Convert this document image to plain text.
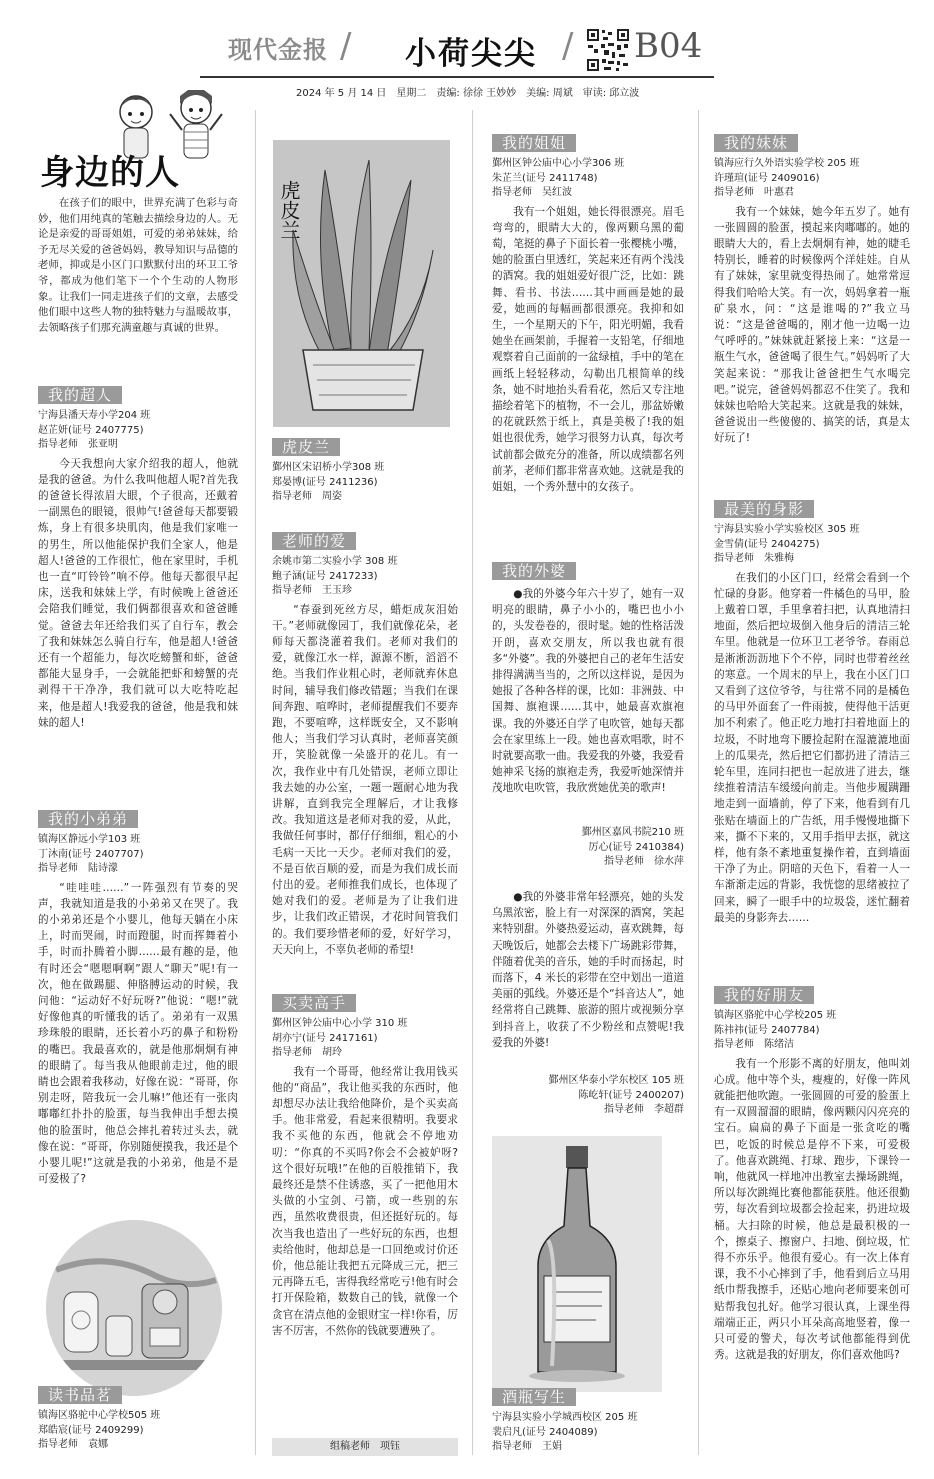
现代金报 / 小荷尖尖 / B04
2024 年 5 月 14 日　星期二　责编: 徐徐 王妙妙　美编: 周斌　审读: 邱立波
身边的人
在孩子们的眼中，世界充满了色彩与奇妙，他们用纯真的笔触去描绘身边的人。无论是亲爱的哥哥姐姐，可爱的弟弟妹妹，给予无尽关爱的爸爸妈妈，教导知识与品德的老师，抑或是小区门口默默付出的环卫工爷爷，都成为他们笔下一个个生动的人物形象。让我们一同走进孩子们的文章，去感受他们眼中这些人物的独特魅力与温暖故事，去领略孩子们那充满童趣与真诚的世界。
我的超人
宁海县潘天寿小学204 班
赵芷妍(证号 2407775)
指导老师　张亚明
今天我想向大家介绍我的超人，他就是我的爸爸。为什么我叫他超人呢?首先我的爸爸长得浓眉大眼，个子很高，还戴着一副黑色的眼镜，很帅气!爸爸每天都要锻炼，身上有很多块肌肉，他是我们家唯一的男生，所以他能保护我们全家人，他是超人!爸爸的工作很忙，他在家里时，手机也一直“叮铃铃”响不停。他每天都很早起床，送我和妹妹上学，有时候晚上爸爸还会陪我们睡觉，我们俩都很喜欢和爸爸睡觉。爸爸去年还给我们买了自行车，教会了我和妹妹怎么骑自行车，他是超人!爸爸还有一个超能力，每次吃螃蟹和虾，爸爸都能大显身手，一会就能把虾和螃蟹的壳剥得干干净净，我们就可以大吃特吃起来，他是超人!我爱我的爸爸，他是我和妹妹的超人!
我的小弟弟
镇海区静远小学103 班
丁沐南(证号 2407707)
指导老师　陆诗濛
“哇哇哇……”一阵强烈有节奏的哭声，我就知道是我的小弟弟又在哭了。我的小弟弟还是个小婴儿，他每天躺在小床上，时而哭闹，时而蹬腿，时而挥舞着小手，时而扑腾着小脚……最有趣的是，他有时还会“嗯嗯啊啊”跟人“聊天”呢!有一次，他在做踢腿、伸胳膊运动的时候，我问他：“运动好不好玩呀?”他说：“嗯!”就好像他真的听懂我的话了。弟弟有一双黑珍珠般的眼睛，还长着小巧的鼻子和粉粉的嘴巴。我最喜欢的，就是他那炯炯有神的眼睛了。每当我从他眼前走过，他的眼睛也会跟着我移动，好像在说：“哥哥，你别走呀，陪我玩一会儿嘛!”他还有一张肉嘟嘟红扑扑的脸蛋，每当我伸出手想去摸他的脸蛋时，他总会摔扎着转过头去，就像在说：“哥哥，你别随便摸我，我还是个小婴儿呢!”这就是我的小弟弟，他是不是可爱极了?
读书品茗
镇海区骆驼中心学校505 班
郑皓宸(证号 2409299)
指导老师　袁娜
虎皮兰
虎皮兰
鄞州区宋诏桥小学308 班
郑晏博(证号 2411236)
指导老师　周姿
老师的爱
余姚市第二实验小学 308 班
鲍子涵(证号 2417233)
指导老师　王玉珍
“春蚕到死丝方尽，蜡炬成灰泪始干。”老师就像园丁，我们就像花朵，老师每天都浇灌着我们。老师对我们的爱，就像江水一样，源源不断，滔滔不绝。当我们作业粗心时，老师就弃休息时间，辅导我们修改错题；当我们在课间奔跑、喧哗时，老师提醒我们不要奔跑，不要喧哗，这样既安全，又不影响他人；当我们学习认真时，老师喜笑颜开，笑脸就像一朵盛开的花儿。有一次，我作业中有几处错误，老师立即让我去她的办公室，一题一题耐心地为我讲解，直到我完全理解后，才让我修改。我知道这是老师对我的爱，从此，我做任何事时，都仔仔细细，粗心的小毛病一天比一天少。老师对我们的爱，不是百依百顺的爱，而是为我们成长而付出的爱。老师推我们成长，也体现了她对我们的爱。老师是为了让我们进步，让我们改正错误，才花时间管我们的。我们要珍惜老师的爱，好好学习，天天向上，不辜负老师的希望!
买卖高手
鄞州区钟公庙中心小学 310 班
胡亦宁(证号 2417161)
指导老师　胡玲
我有一个哥哥，他经常让我用钱买他的“商品”，我让他买我的东西时，他却想尽办法让我给他降价，是个买卖高手。他非常爱，看起来很精明。我要求我不买他的东西，他就会不停地劝叨：“你真的不买吗?你会不会被妒呀?这个很好玩哦!”在他的百般推销下，我最终还是禁不住诱惑，买了一把他用木头做的小宝剑、弓箭，或一些别的东西，虽然收费很贵，但还挺好玩的。每次当我也造出了一些好玩的东西，也想卖给他时，他却总是一口回绝或讨价还价，他总能让我把五元降成三元，把三元再降五毛，害得我经常吃亏!他有时会打开保险箱，数数自己的钱，就像一个贪官在清点他的金银财宝一样!你看，厉害不厉害，不然你的钱就要遭殃了。
组稿老师　项钰
我的姐姐
鄞州区钟公庙中心小学306 班
朱芷兰(证号 2411748)
指导老师　吴红波
我有一个姐姐，她长得很漂亮。眉毛弯弯的，眼睛大大的，像两颗乌黑的葡萄，笔挺的鼻子下面长着一张樱桃小嘴，她的脸蛋白里透红，笑起来还有两个浅浅的酒窝。我的姐姐爱好很广泛，比如：跳舞、看书、书法……其中画画是她的最爱，她画的每幅画都很漂亮。我抑和如生，一个星期天的下午，阳光明媚，我看她坐在画架前，手握着一支铅笔，仔细地观察着自己面前的一盆绿植，手中的笔在画纸上轻轻移动，勾勒出几根简单的线条，她不时地抬头看看花，然后又专注地描绘着笔下的植物，不一会儿，那盆娇嫩的花就跃然于纸上，真是美极了!我的姐姐也很优秀，她学习很努力认真，每次考试前都会做充分的准备，所以成绩都名列前茅，老师们都非常喜欢她。这就是我的姐姐，一个秀外慧中的女孩子。
我的外婆
●我的外婆今年六十岁了，她有一双明亮的眼睛，鼻子小小的，嘴巴也小小的，头发卷卷的，很时髦。她的性格活泼开朗，喜欢交朋友，所以我也就有很多“外婆”。我的外婆把自己的老年生活安排得满满当当的，之所以这样说，是因为她报了各种各样的课，比如：非洲鼓、中国舞、旗袍课……其中，她最喜欢旗袍课。我的外婆还自学了电吹管，她每天都会在家里练上一段。她也喜欢唱歌，时不时就要高歌一曲。我爱我的外婆，我爱看她神采飞扬的旗袍走秀，我爱听她深情并茂地吹电吹管，我欣赏她优美的歌声!
鄞州区嘉风书院210 班
厉心(证号 2410384)
指导老师　徐水萍
●我的外婆非常年轻漂亮，她的头发乌黑浓密，脸上有一对深深的酒窝，笑起来特别甜。外婆热爱运动，喜欢跳舞，每天晚饭后，她都会去楼下广场跳彩带舞，伴随着优美的音乐，她的手时而扬起，时而落下，4 米长的彩带在空中划出一道道美丽的弧线。外婆还是个“抖音达人”，她经常将自己跳舞、旅游的照片或视频分享到抖音上，收获了不少粉丝和点赞呢!我爱我的外婆!
鄞州区华泰小学东校区 105 班
陈屹轩(证号 2400207)
指导老师　李超群
酒瓶写生
宁海县实验小学城西校区 205 班
裴启凡(证号 2404089)
指导老师　王娟
我的妹妹
镇海应行久外语实验学校 205 班
许瑾瑄(证号 2409016)
指导老师　叶惠君
我有一个妹妹，她今年五岁了。她有一张圆圆的脸蛋，摸起来肉嘟嘟的。她的眼睛大大的，看上去炯炯有神，她的睫毛特别长，睡着的时候像两个洋娃娃。自从有了妹妹，家里就变得热闹了。她常常逗得我们哈哈大笑。有一次，妈妈拿着一瓶矿泉水，问：“这是谁喝的?”我立马说：“这是爸爸喝的，刚才他一边喝一边气呼呼的。”妹妹就赶紧接上来：“这是一瓶生气水，爸爸喝了很生气。”妈妈听了大笑起来说：“那我让爸爸把生气水喝完吧。”说完，爸爸妈妈都忍不住笑了。我和妹妹也哈哈大笑起来。这就是我的妹妹，爸爸说出一些傻傻的、搞笑的话，真是太好玩了!
最美的身影
宁海县实验小学实验校区 305 班
金雪倩(证号 2404275)
指导老师　朱雅梅
在我们的小区门口，经常会看到一个忙碌的身影。他穿着一件橘色的马甲，脸上戴着口罩，手里拿着扫把，认真地清扫地面，然后把垃圾倒入他身后的清洁三轮车里。他就是一位环卫工老爷爷。春雨总是淅淅沥沥地下个不停，同时也带着丝丝的寒意。一个周末的早上，我在小区门口又看到了这位爷爷，与往常不同的是橘色的马甲外面套了一件雨披，使得他干活更加不利索了。他正吃力地打扫着地面上的垃圾，不时地弯下腰捡起附在湿漉漉地面上的瓜果壳，然后把它们都扔进了清洁三轮车里，连同扫把也一起放进了进去，继续推着清洁车缓缓向前走。当他步履蹒跚地走到一面墙前，停了下来，他看到有几张贴在墙面上的广告纸，用手慢慢地撕下来，撕不下来的，又用手指甲去抠，就这样，他有条不紊地重复操作着，直到墙面干净了为止。阴暗的天色下，看着一人一车渐渐走远的背影，我恍惚的思绪被拉了回来，瞬了一眼手中的垃圾袋，迷忙翻着最美的身影奔去……
我的好朋友
镇海区骆驼中心学校205 班
陈祎祎(证号 2407784)
指导老师　陈绪洁
我有一个形影不离的好朋友，他叫刘心成。他中等个头，瘦瘦的，好像一阵风就能把他吹跑。一张圆圆的可爱的脸蛋上有一双圆溜溜的眼睛，像两颗闪闪亮亮的宝石。扁扁的鼻子下面是一张贪吃的嘴巴，吃饭的时候总是停不下来，可爱极了。他喜欢跳绳、打球、跑步，下课铃一响，他就风一样地冲出教室去操场跳绳，所以每次跳绳比赛他都能获胜。他还很勤劳，每次看到垃圾都会捡起来，扔进垃圾桶。大扫除的时候，他总是最积极的一个，擦桌子、擦窗户、扫地、倒垃圾，忙得不亦乐乎。他很有爱心。有一次上体育课，我不小心摔到了手，他看到后立马用纸巾帮我擦手，还贴心地向老师要来创可贴帮我包扎好。他学习很认真，上课坐得端端正正，两只小耳朵高高地竖着，像一只可爱的警犬，每次考试他都能得到优秀。这就是我的好朋友，你们喜欢他吗?
